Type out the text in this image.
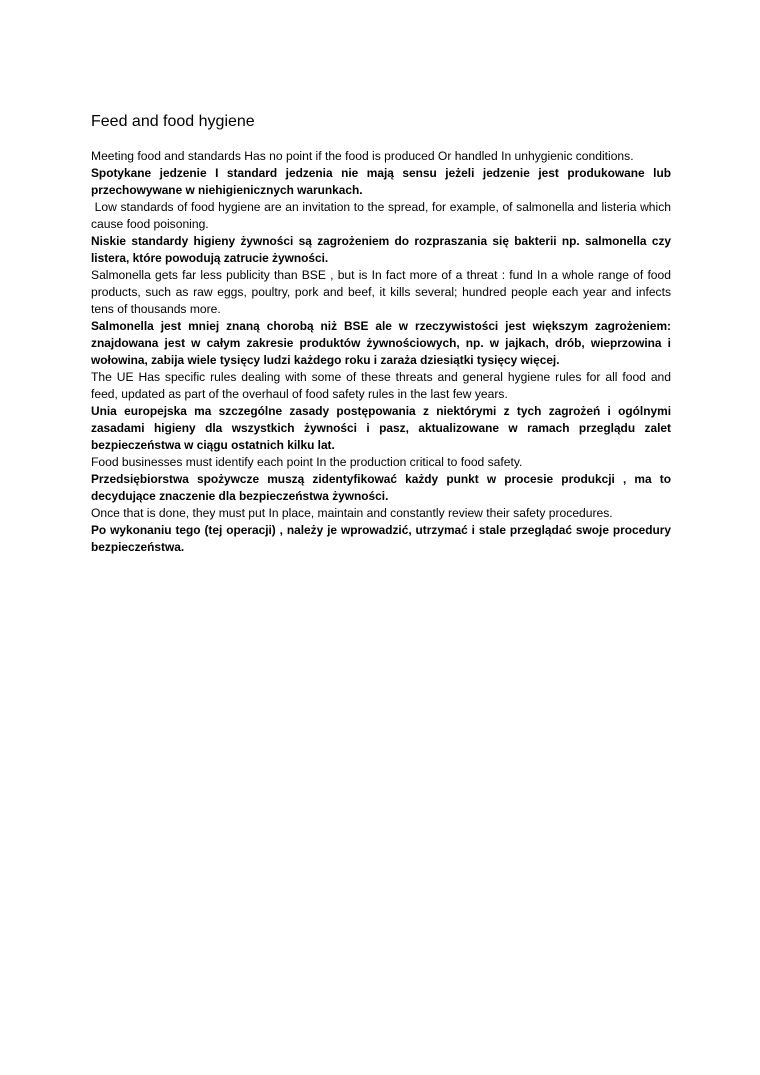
Feed and food hygiene

Meeting food and standards Has no point if the food is produced Or handled In unhygienic conditions.

Spotykane jedzenie I standard jedzenia nie mają sensu jeżeli jedzenie jest produkowane lub przechowywane w niehigienicznych warunkach.

Low standards of food hygiene are an invitation to the spread, for example, of salmonella and listeria which cause food poisoning.

Niskie standardy higieny żywności są zagrożeniem do rozpraszania się bakterii np. salmonella czy listera, które powodują zatrucie żywności.

Salmonella gets far less publicity than BSE , but is In fact more of a threat : fund In a whole range of food products, such as raw eggs, poultry, pork and beef, it kills several; hundred people each year and infects tens of thousands more.

Salmonella jest mniej znaną chorobą niż BSE ale w rzeczywistości jest większym zagrożeniem: znajdowana jest w całym zakresie produktów żywnościowych, np. w jajkach, drób, wieprzowina i wołowina, zabija wiele tysięcy ludzi każdego roku i zaraża dziesiątki tysięcy więcej.

The UE Has specific rules dealing with some of these threats and general hygiene rules for all food and feed, updated as part of the overhaul of food safety rules in the last few years.

Unia europejska ma szczególne zasady postępowania z niektórymi z tych zagrożeń i ogólnymi zasadami higieny dla wszystkich żywności i pasz, aktualizowane w ramach przeglądu zalet bezpieczeństwa w ciągu ostatnich kilku lat.

Food businesses must identify each point In the production critical to food safety.

Przedsiębiorstwa spożywcze muszą zidentyfikować każdy punkt w procesie produkcji , ma to decydujące znaczenie dla bezpieczeństwa żywności.

Once that is done, they must put In place, maintain and constantly review their safety procedures.

Po wykonaniu tego (tej operacji) , należy je wprowadzić, utrzymać i stale przeglądać swoje procedury bezpieczeństwa.
